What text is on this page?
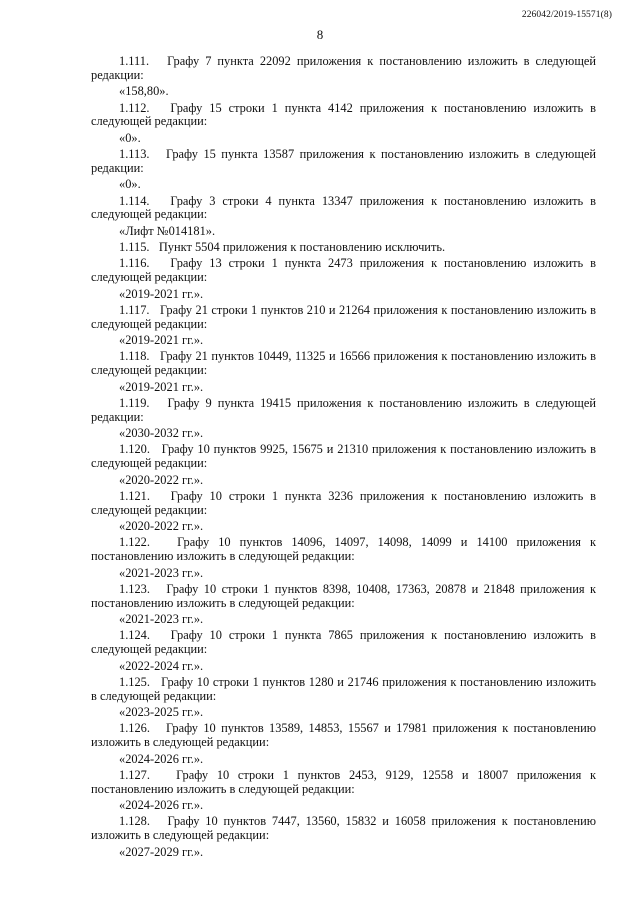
226042/2019-15571(8)
8

1.111. Графу 7 пункта 22092 приложения к постановлению изложить в следующей редакции:

«158,80».

1.112. Графу 15 строки 1 пункта 4142 приложения к постановлению изложить в следующей редакции:

«0».

1.113. Графу 15 пункта 13587 приложения к постановлению изложить в следующей редакции:

«0».

1.114. Графу 3 строки 4 пункта 13347 приложения к постановлению изложить в следующей редакции:

«Лифт №014181».

1.115. Пункт 5504 приложения к постановлению исключить.

1.116. Графу 13 строки 1 пункта 2473 приложения к постановлению изложить в следующей редакции:

«2019-2021 гг.».

1.117. Графу 21 строки 1 пунктов 210 и 21264 приложения к постановлению изложить в следующей редакции:

«2019-2021 гг.».

1.118. Графу 21 пунктов 10449, 11325 и 16566 приложения к постановлению изложить в следующей редакции:

«2019-2021 гг.».

1.119. Графу 9 пункта 19415 приложения к постановлению изложить в следующей редакции:

«2030-2032 гг.».

1.120. Графу 10 пунктов 9925, 15675 и 21310 приложения к постановлению изложить в следующей редакции:

«2020-2022 гг.».

1.121. Графу 10 строки 1 пункта 3236 приложения к постановлению изложить в следующей редакции:

«2020-2022 гг.».

1.122. Графу 10 пунктов 14096, 14097, 14098, 14099 и 14100 приложения к постановлению изложить в следующей редакции:

«2021-2023 гг.».

1.123. Графу 10 строки 1 пунктов 8398, 10408, 17363, 20878 и 21848 приложения к постановлению изложить в следующей редакции:

«2021-2023 гг.».

1.124. Графу 10 строки 1 пункта 7865 приложения к постановлению изложить в следующей редакции:

«2022-2024 гг.».

1.125. Графу 10 строки 1 пунктов 1280 и 21746 приложения к постановлению изложить в следующей редакции:

«2023-2025 гг.».

1.126. Графу 10 пунктов 13589, 14853, 15567 и 17981 приложения к постановлению изложить в следующей редакции:

«2024-2026 гг.».

1.127. Графу 10 строки 1 пунктов 2453, 9129, 12558 и 18007 приложения к постановлению изложить в следующей редакции:

«2024-2026 гг.».

1.128. Графу 10 пунктов 7447, 13560, 15832 и 16058 приложения к постановлению изложить в следующей редакции:

«2027-2029 гг.».
